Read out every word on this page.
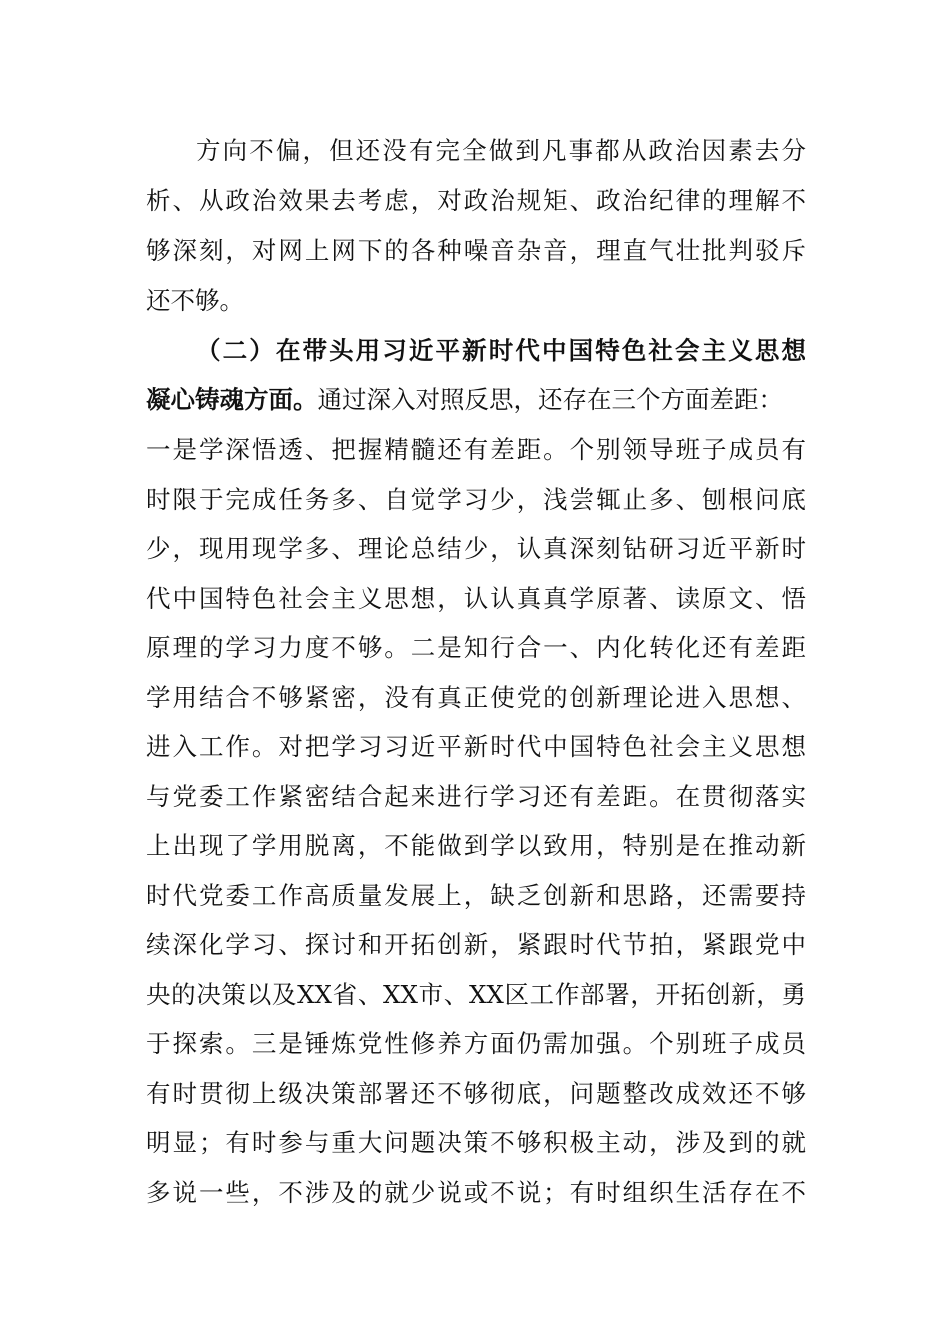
方向不偏，但还没有完全做到凡事都从政治因素去分
析、从政治效果去考虑，对政治规矩、政治纪律的理解不
够深刻，对网上网下的各种噪音杂音，理直气壮批判驳斥
还不够。
（二）在带头用习近平新时代中国特色社会主义思想
凝心铸魂方面。通过深入对照反思，还存在三个方面差距：
一是学深悟透、把握精髓还有差距。个别领导班子成员有
时限于完成任务多、自觉学习少，浅尝辄止多、刨根问底
少，现用现学多、理论总结少，认真深刻钻研习近平新时
代中国特色社会主义思想，认认真真学原著、读原文、悟
原理的学习力度不够。二是知行合一、内化转化还有差距
学用结合不够紧密，没有真正使党的创新理论进入思想、
进入工作。对把学习习近平新时代中国特色社会主义思想
与党委工作紧密结合起来进行学习还有差距。在贯彻落实
上出现了学用脱离，不能做到学以致用，特别是在推动新
时代党委工作高质量发展上，缺乏创新和思路，还需要持
续深化学习、探讨和开拓创新，紧跟时代节拍，紧跟党中
央的决策以及XX省、XX市、XX区工作部署，开拓创新，勇
于探索。三是锤炼党性修养方面仍需加强。个别班子成员
有时贯彻上级决策部署还不够彻底，问题整改成效还不够
明显；有时参与重大问题决策不够积极主动，涉及到的就
多说一些，不涉及的就少说或不说；有时组织生活存在不
